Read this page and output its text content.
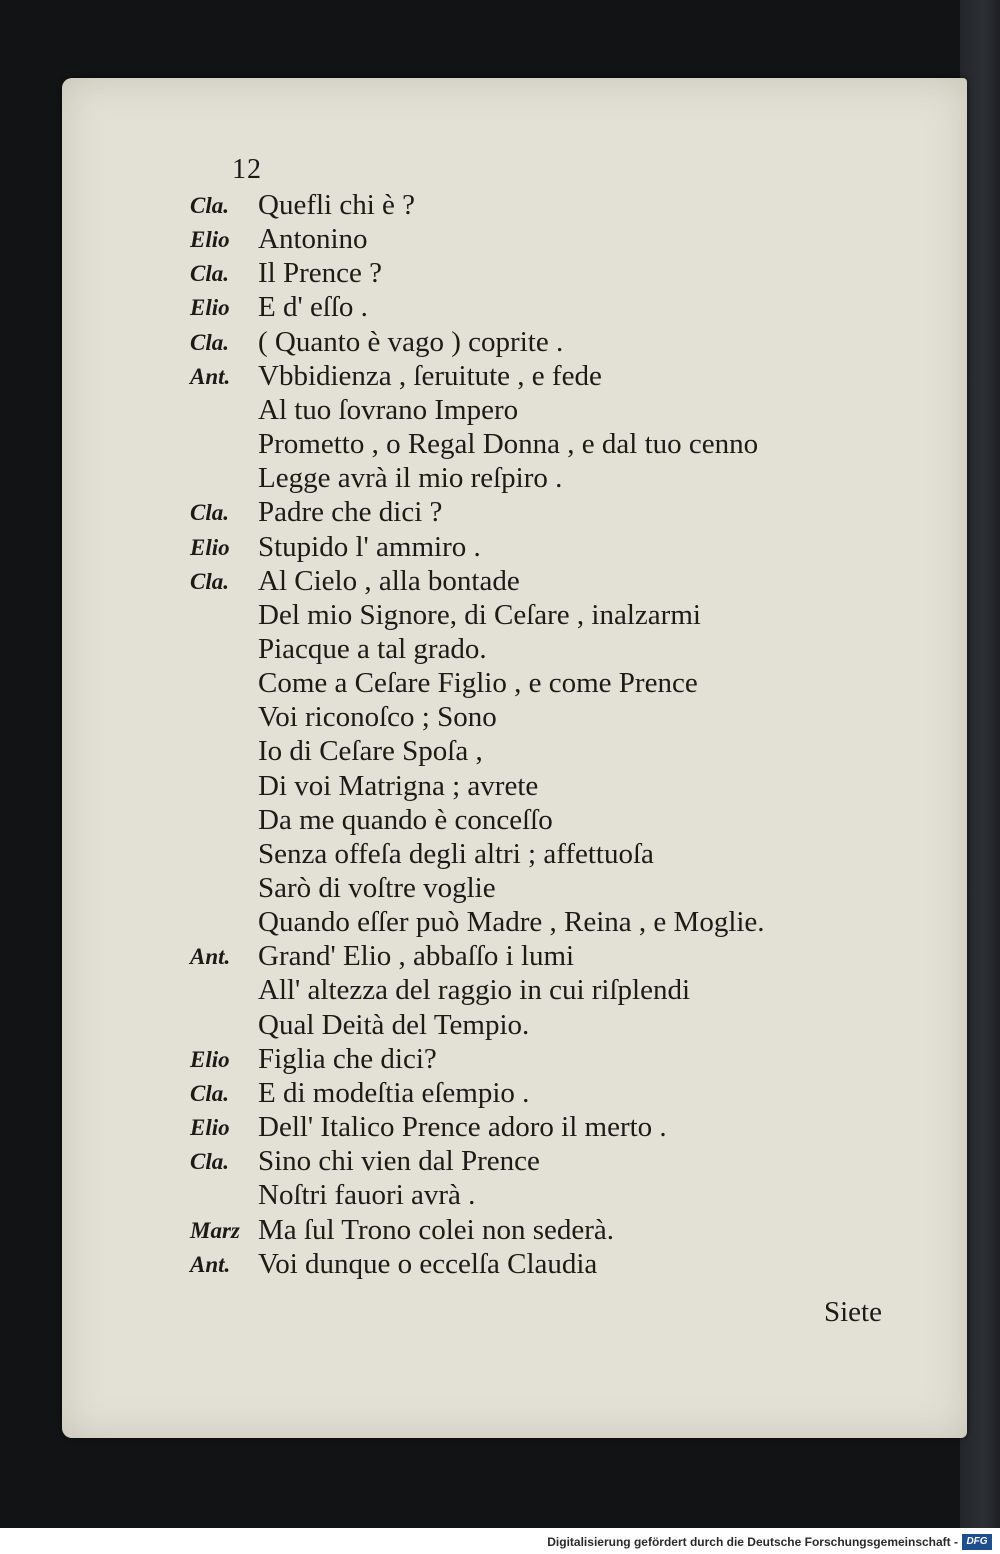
12
Cla. Quefli chi è ?
Elio Antonino
Cla. Il Prence ?
Elio E d' eſſo .
Cla. ( Quanto è vago ) coprite .
Ant. Vbbidienza , ſeruitute , e fede
Al tuo ſovrano Impero
Prometto , o Regal Donna , e dal tuo cenno
Legge avrà il mio reſpiro .
Cla. Padre che dici ?
Elio Stupido l' ammiro .
Cla. Al Cielo , alla bontade
Del mio Signore, di Ceſare , inalzarmi
Piacque a tal grado.
Come a Ceſare Figlio , e come Prence
Voi riconoſco ; Sono
Io di Ceſare Spoſa ,
Di voi Matrigna ; avrete
Da me quando è conceſſo
Senza offeſa degli altri ; affettuoſa
Sarò di voſtre voglie
Quando eſſer può Madre , Reina , e Moglie.
Ant. Grand' Elio , abbaſſo i lumi
All' altezza del raggio in cui riſplendi
Qual Deità del Tempio.
Elio Figlia che dici?
Cla. E di modeſtia eſempio .
Elio Dell' Italico Prence adoro il merto .
Cla. Sino chi vien dal Prence
Noſtri fauori avrà .
Marz Ma ſul Trono colei non sederà.
Ant. Voi dunque o eccelſa Claudia
Siete
Digitalisierung gefördert durch die Deutsche Forschungsgemeinschaft - DFG
